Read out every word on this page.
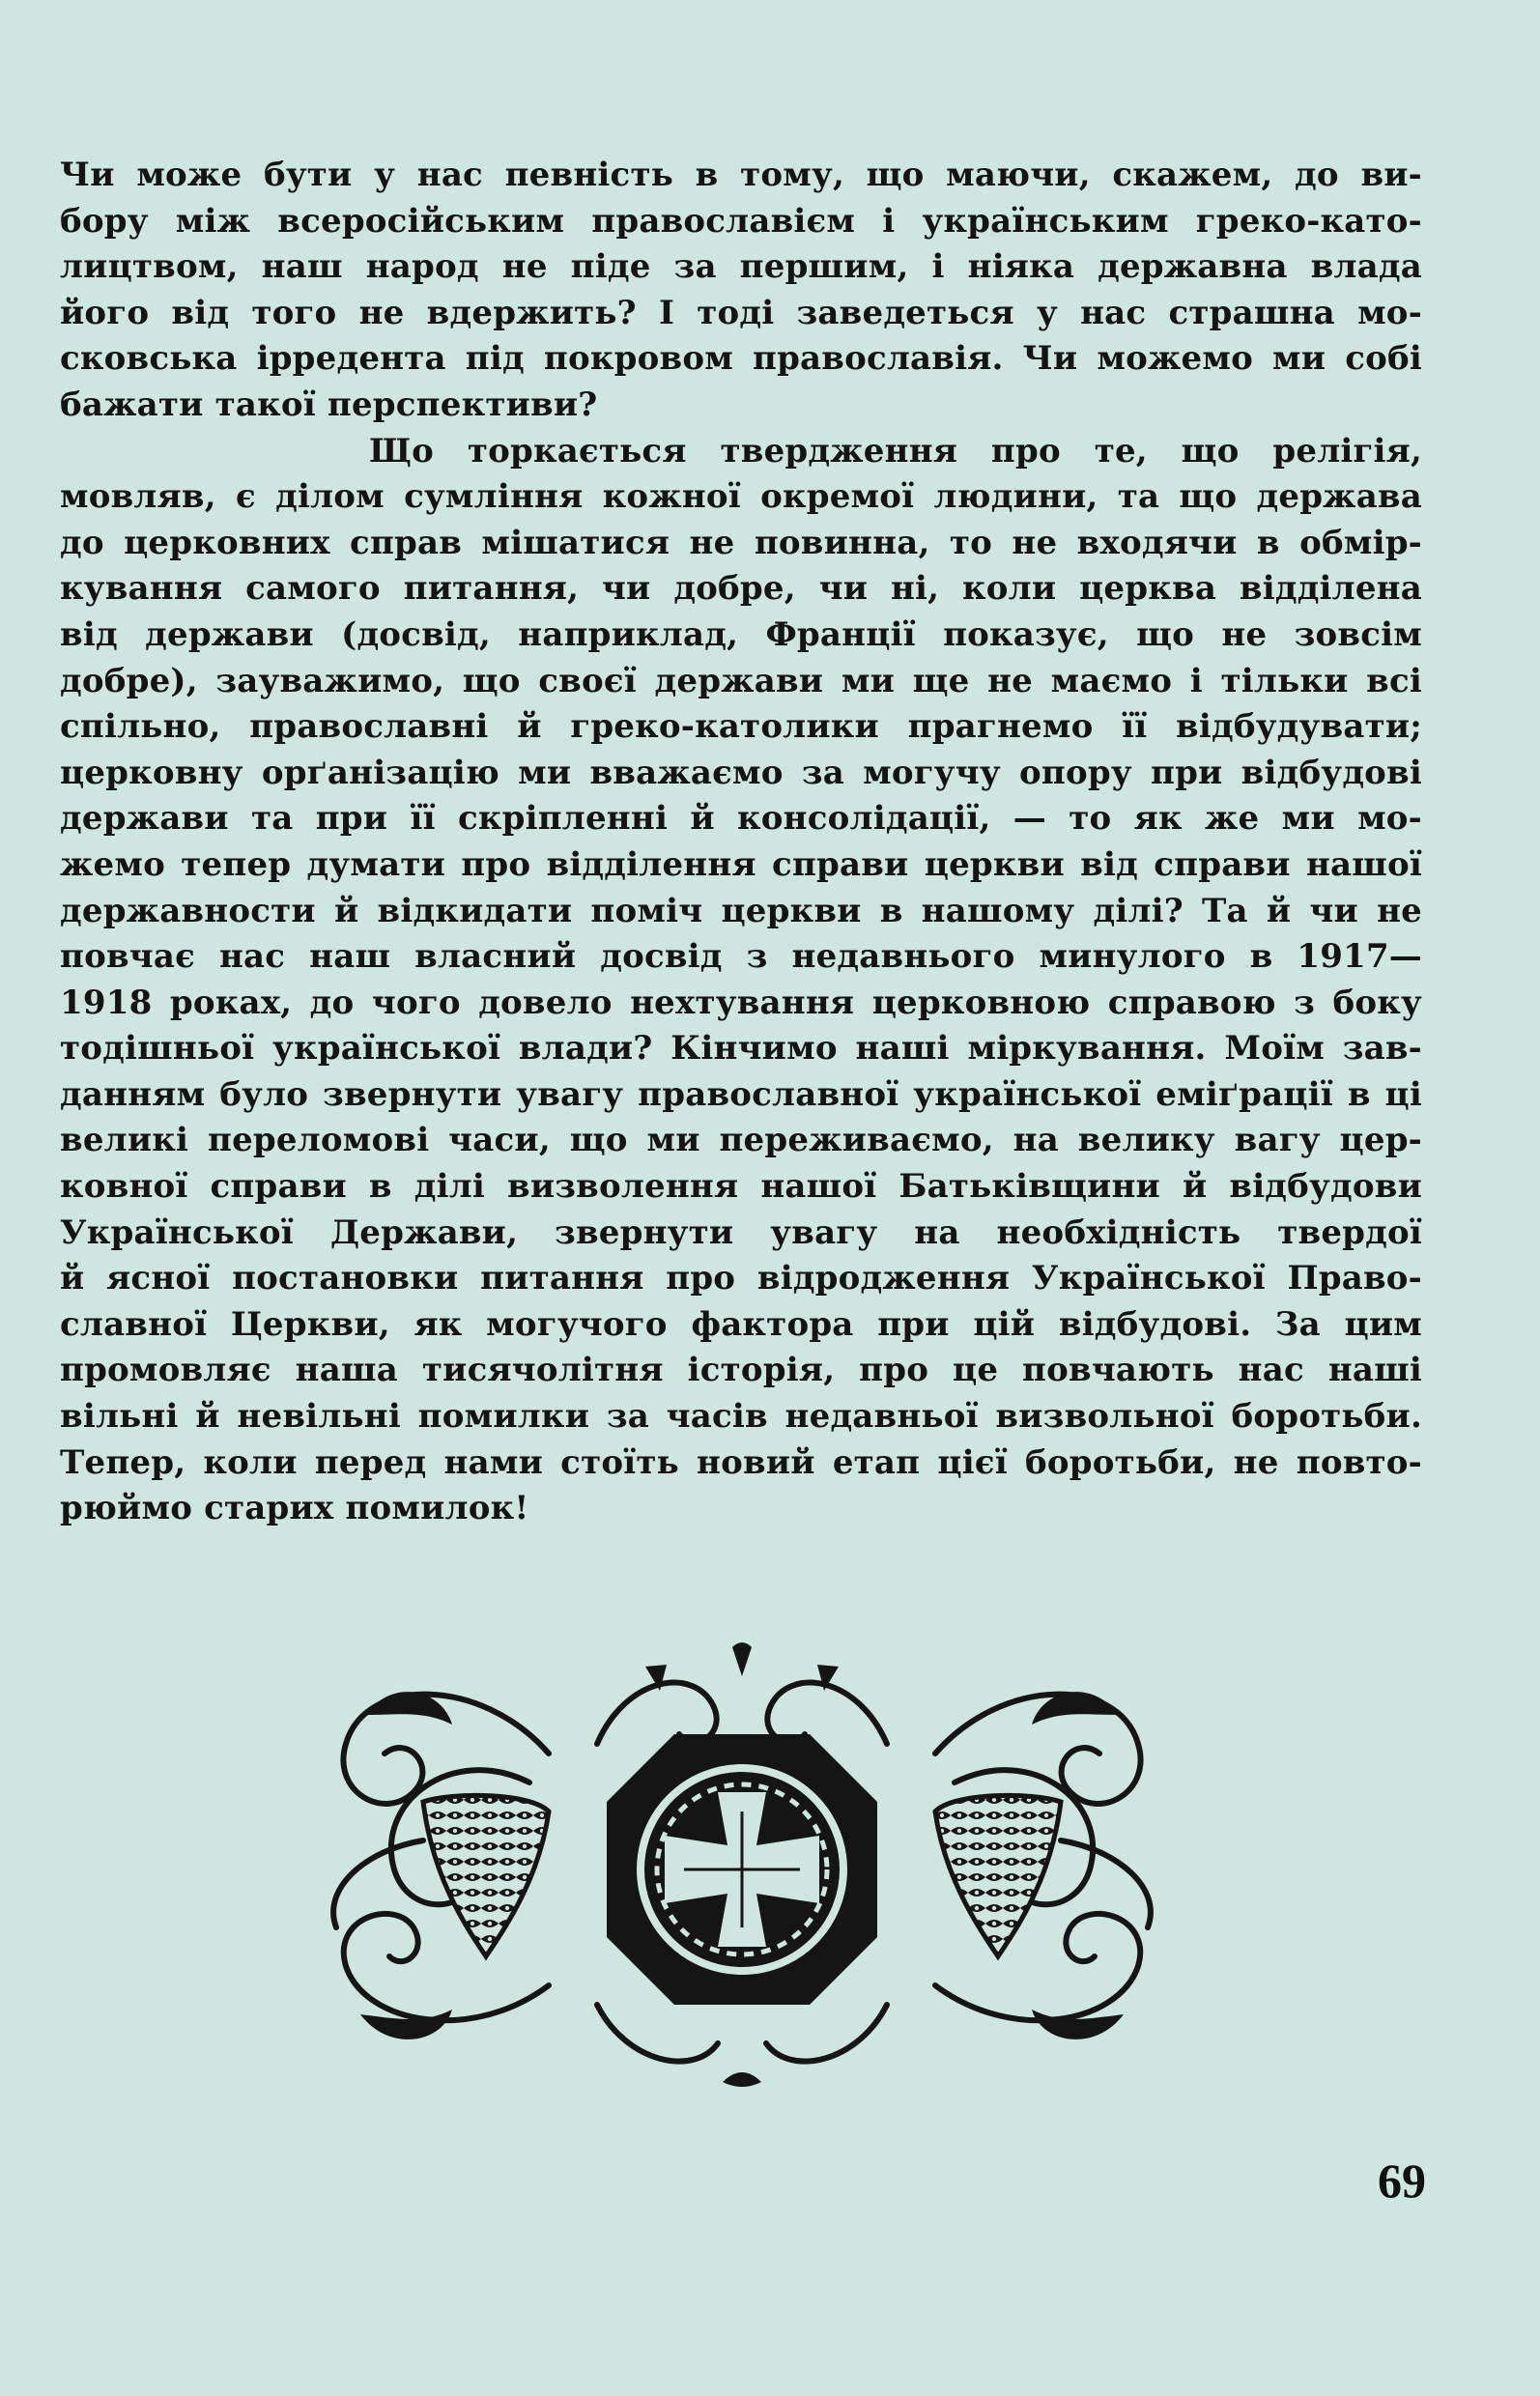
Чи може бути у нас певність в тому, що маючи, скажем, до ви-
бору між всеросійським православієм і українським греко-като-
лицтвом, наш народ не піде за першим, і ніяка державна влада
його від того не вдержить? І тоді заведеться у нас страшна мо-
сковська ірредента під покровом православія. Чи можемо ми собі
бажати такої перспективи?
Що торкається твердження про те, що релігія,
мовляв, є ділом сумління кожної окремої людини, та що держава
до церковних справ мішатися не повинна, то не входячи в обмір-
кування самого питання, чи добре, чи ні, коли церква відділена
від держави (досвід, наприклад, Франції показує, що не зовсім
добре), зауважимо, що своєї держави ми ще не маємо і тільки всі
спільно, православні й греко-католики прагнемо її відбудувати;
церковну орґанізацію ми вважаємо за могучу опору при відбудові
держави та при її скріпленні й консолідації, — то як же ми мо-
жемо тепер думати про відділення справи церкви від справи нашої
державности й відкидати поміч церкви в нашому ділі? Та й чи не
повчає нас наш власний досвід з недавнього минулого в 1917—
1918 роках, до чого довело нехтування церковною справою з боку
тодішньої української влади? Кінчимо наші міркування. Моїм зав-
данням було звернути увагу православної української еміґрації в ці
великі переломові часи, що ми переживаємо, на велику вагу цер-
ковної справи в ділі визволення нашої Батьківщини й відбудови
Української Держави, звернути увагу на необхідність твердої
й ясної постановки питання про відродження Української Право-
славної Церкви, як могучого фактора при цій відбудові. За цим
промовляє наша тисячолітня історія, про це повчають нас наші
вільні й невільні помилки за часів недавньої визвольної боротьби.
Тепер, коли перед нами стоїть новий етап цієї боротьби, не повто-
рюймо старих помилок!
69
